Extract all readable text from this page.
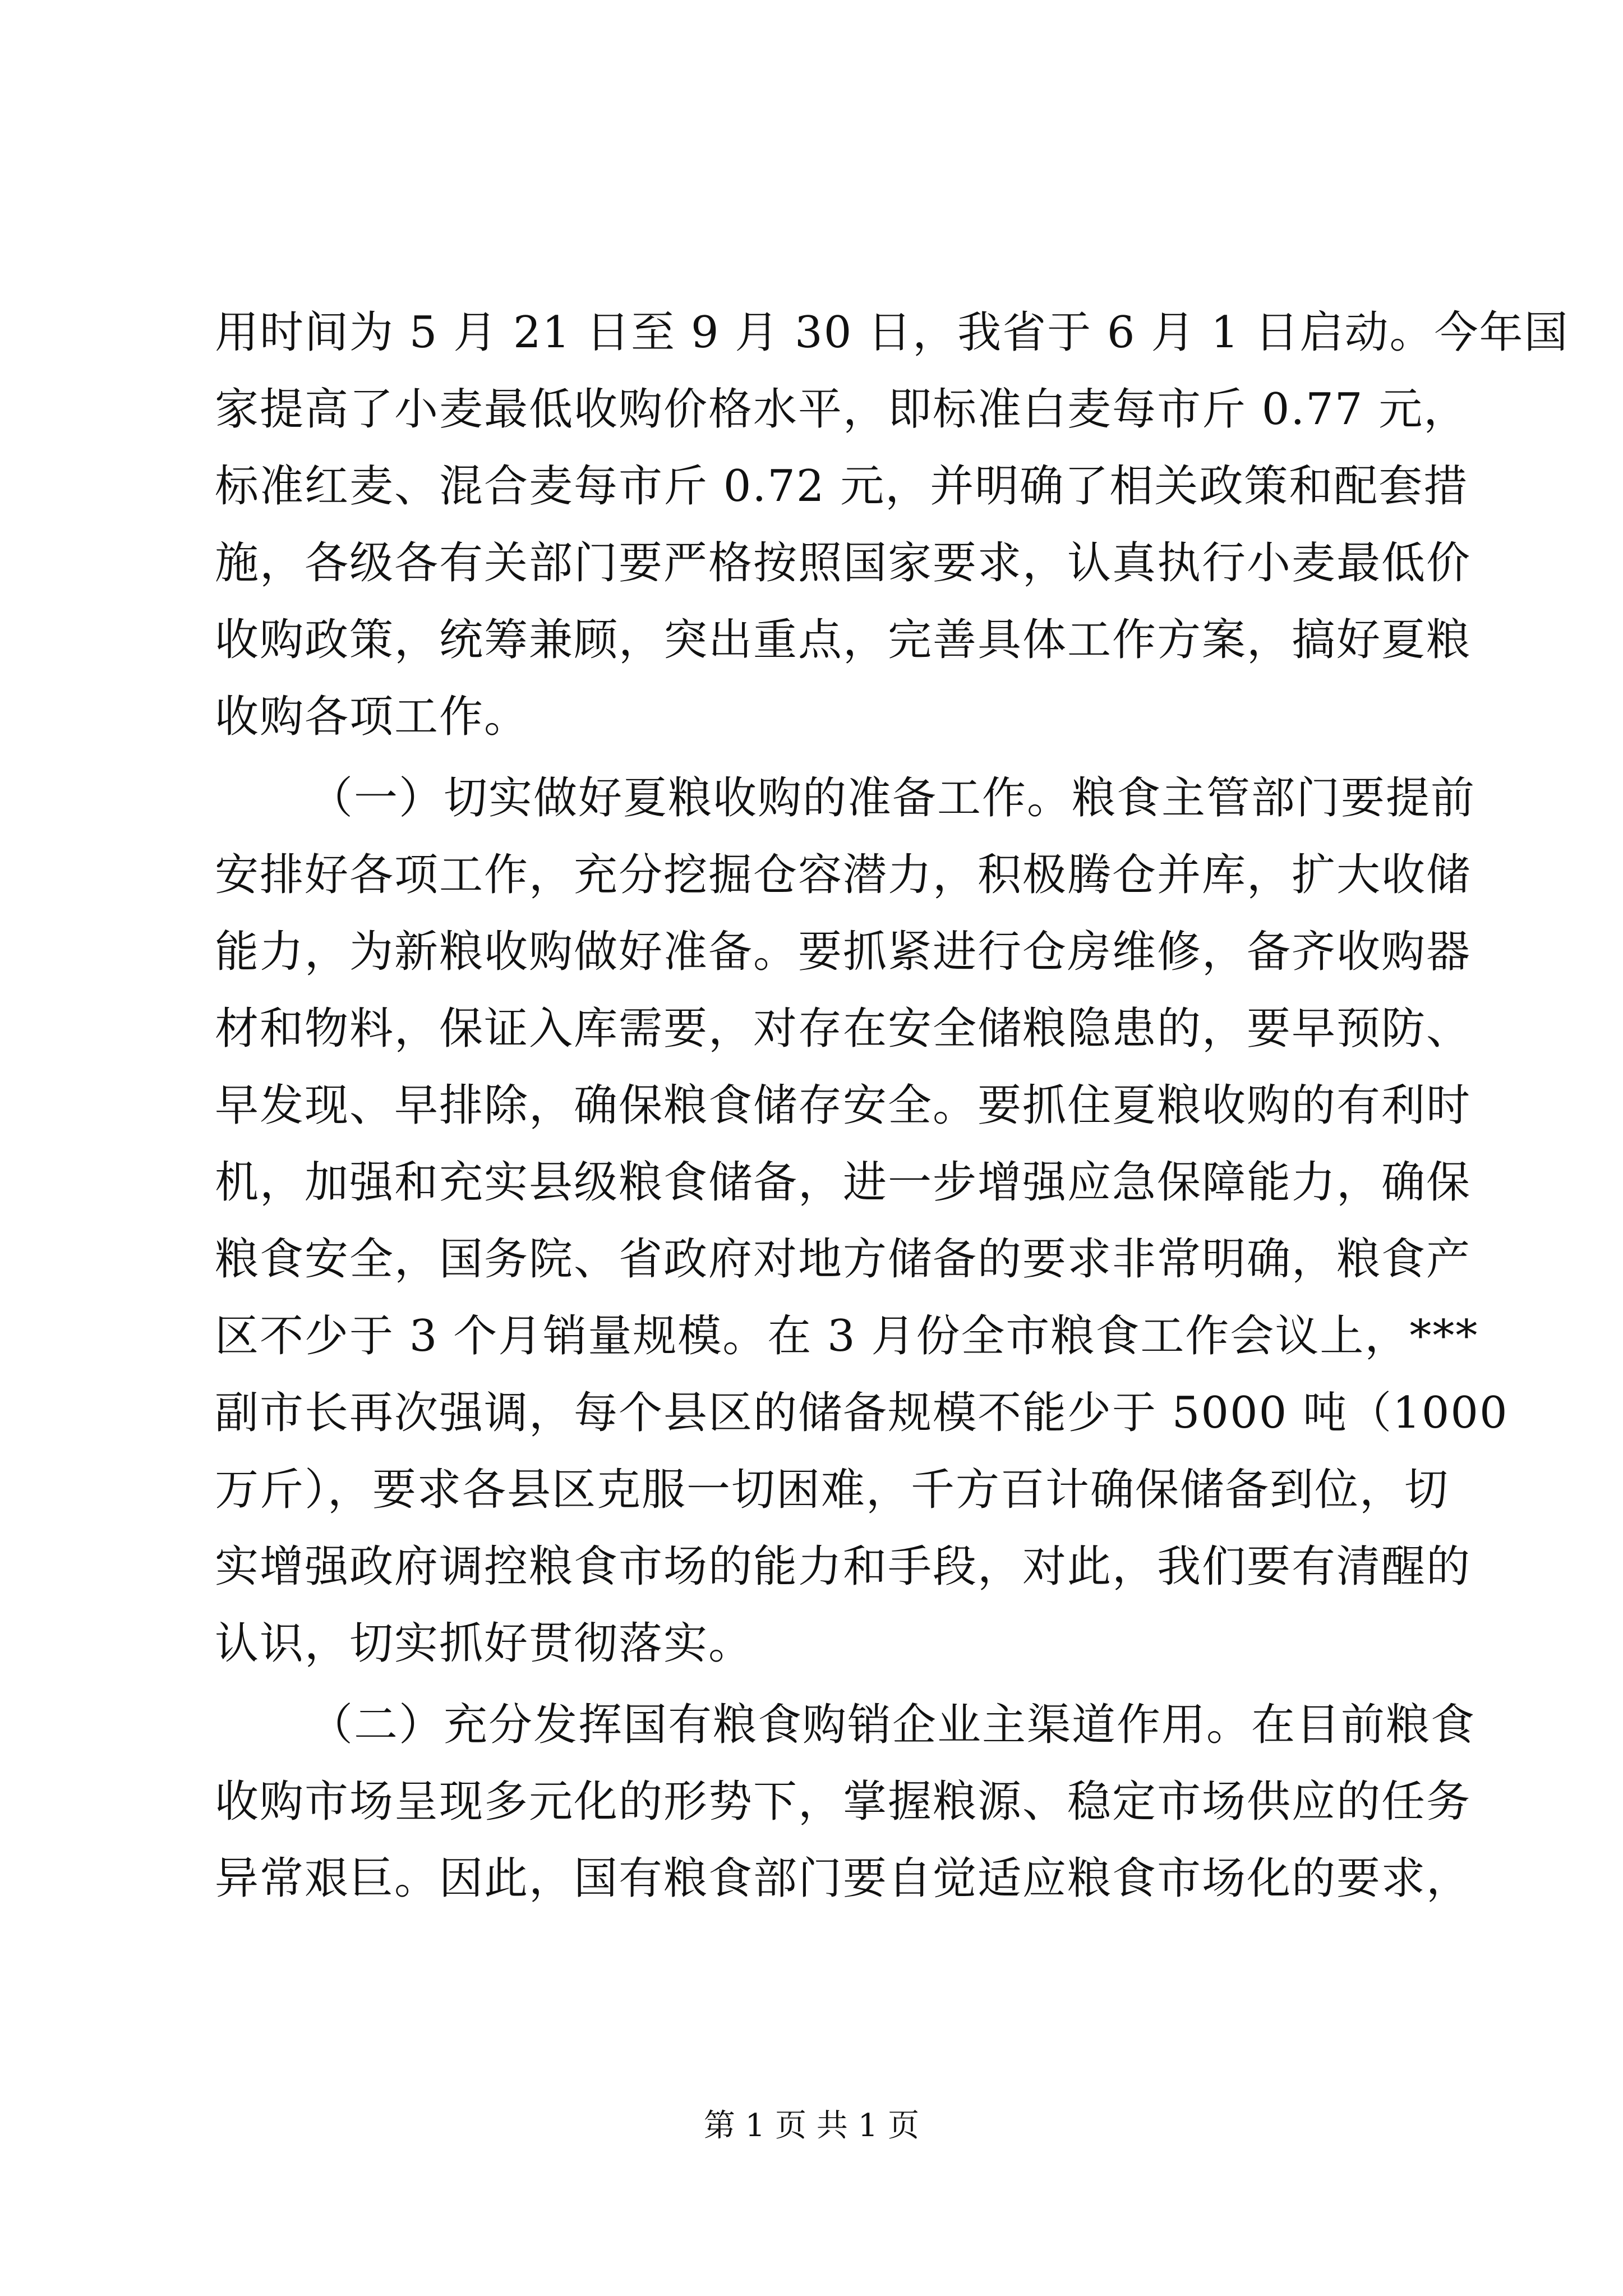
用时间为 5 月 21 日至 9 月 30 日，我省于 6 月 1 日启动。今年国
家提高了小麦最低收购价格水平，即标准白麦每市斤 0.77 元，
标准红麦、混合麦每市斤 0.72 元，并明确了相关政策和配套措
施，各级各有关部门要严格按照国家要求，认真执行小麦最低价
收购政策，统筹兼顾，突出重点，完善具体工作方案，搞好夏粮
收购各项工作。
（一）切实做好夏粮收购的准备工作。粮食主管部门要提前
安排好各项工作，充分挖掘仓容潜力，积极腾仓并库，扩大收储
能力，为新粮收购做好准备。要抓紧进行仓房维修，备齐收购器
材和物料，保证入库需要，对存在安全储粮隐患的，要早预防、
早发现、早排除，确保粮食储存安全。要抓住夏粮收购的有利时
机，加强和充实县级粮食储备，进一步增强应急保障能力，确保
粮食安全，国务院、省政府对地方储备的要求非常明确，粮食产
区不少于 3 个月销量规模。在 3 月份全市粮食工作会议上，***
副市长再次强调，每个县区的储备规模不能少于 5000 吨（1000
万斤），要求各县区克服一切困难，千方百计确保储备到位，切
实增强政府调控粮食市场的能力和手段，对此，我们要有清醒的
认识，切实抓好贯彻落实。
（二）充分发挥国有粮食购销企业主渠道作用。在目前粮食
收购市场呈现多元化的形势下，掌握粮源、稳定市场供应的任务
异常艰巨。因此，国有粮食部门要自觉适应粮食市场化的要求，
第 1 页 共 1 页
